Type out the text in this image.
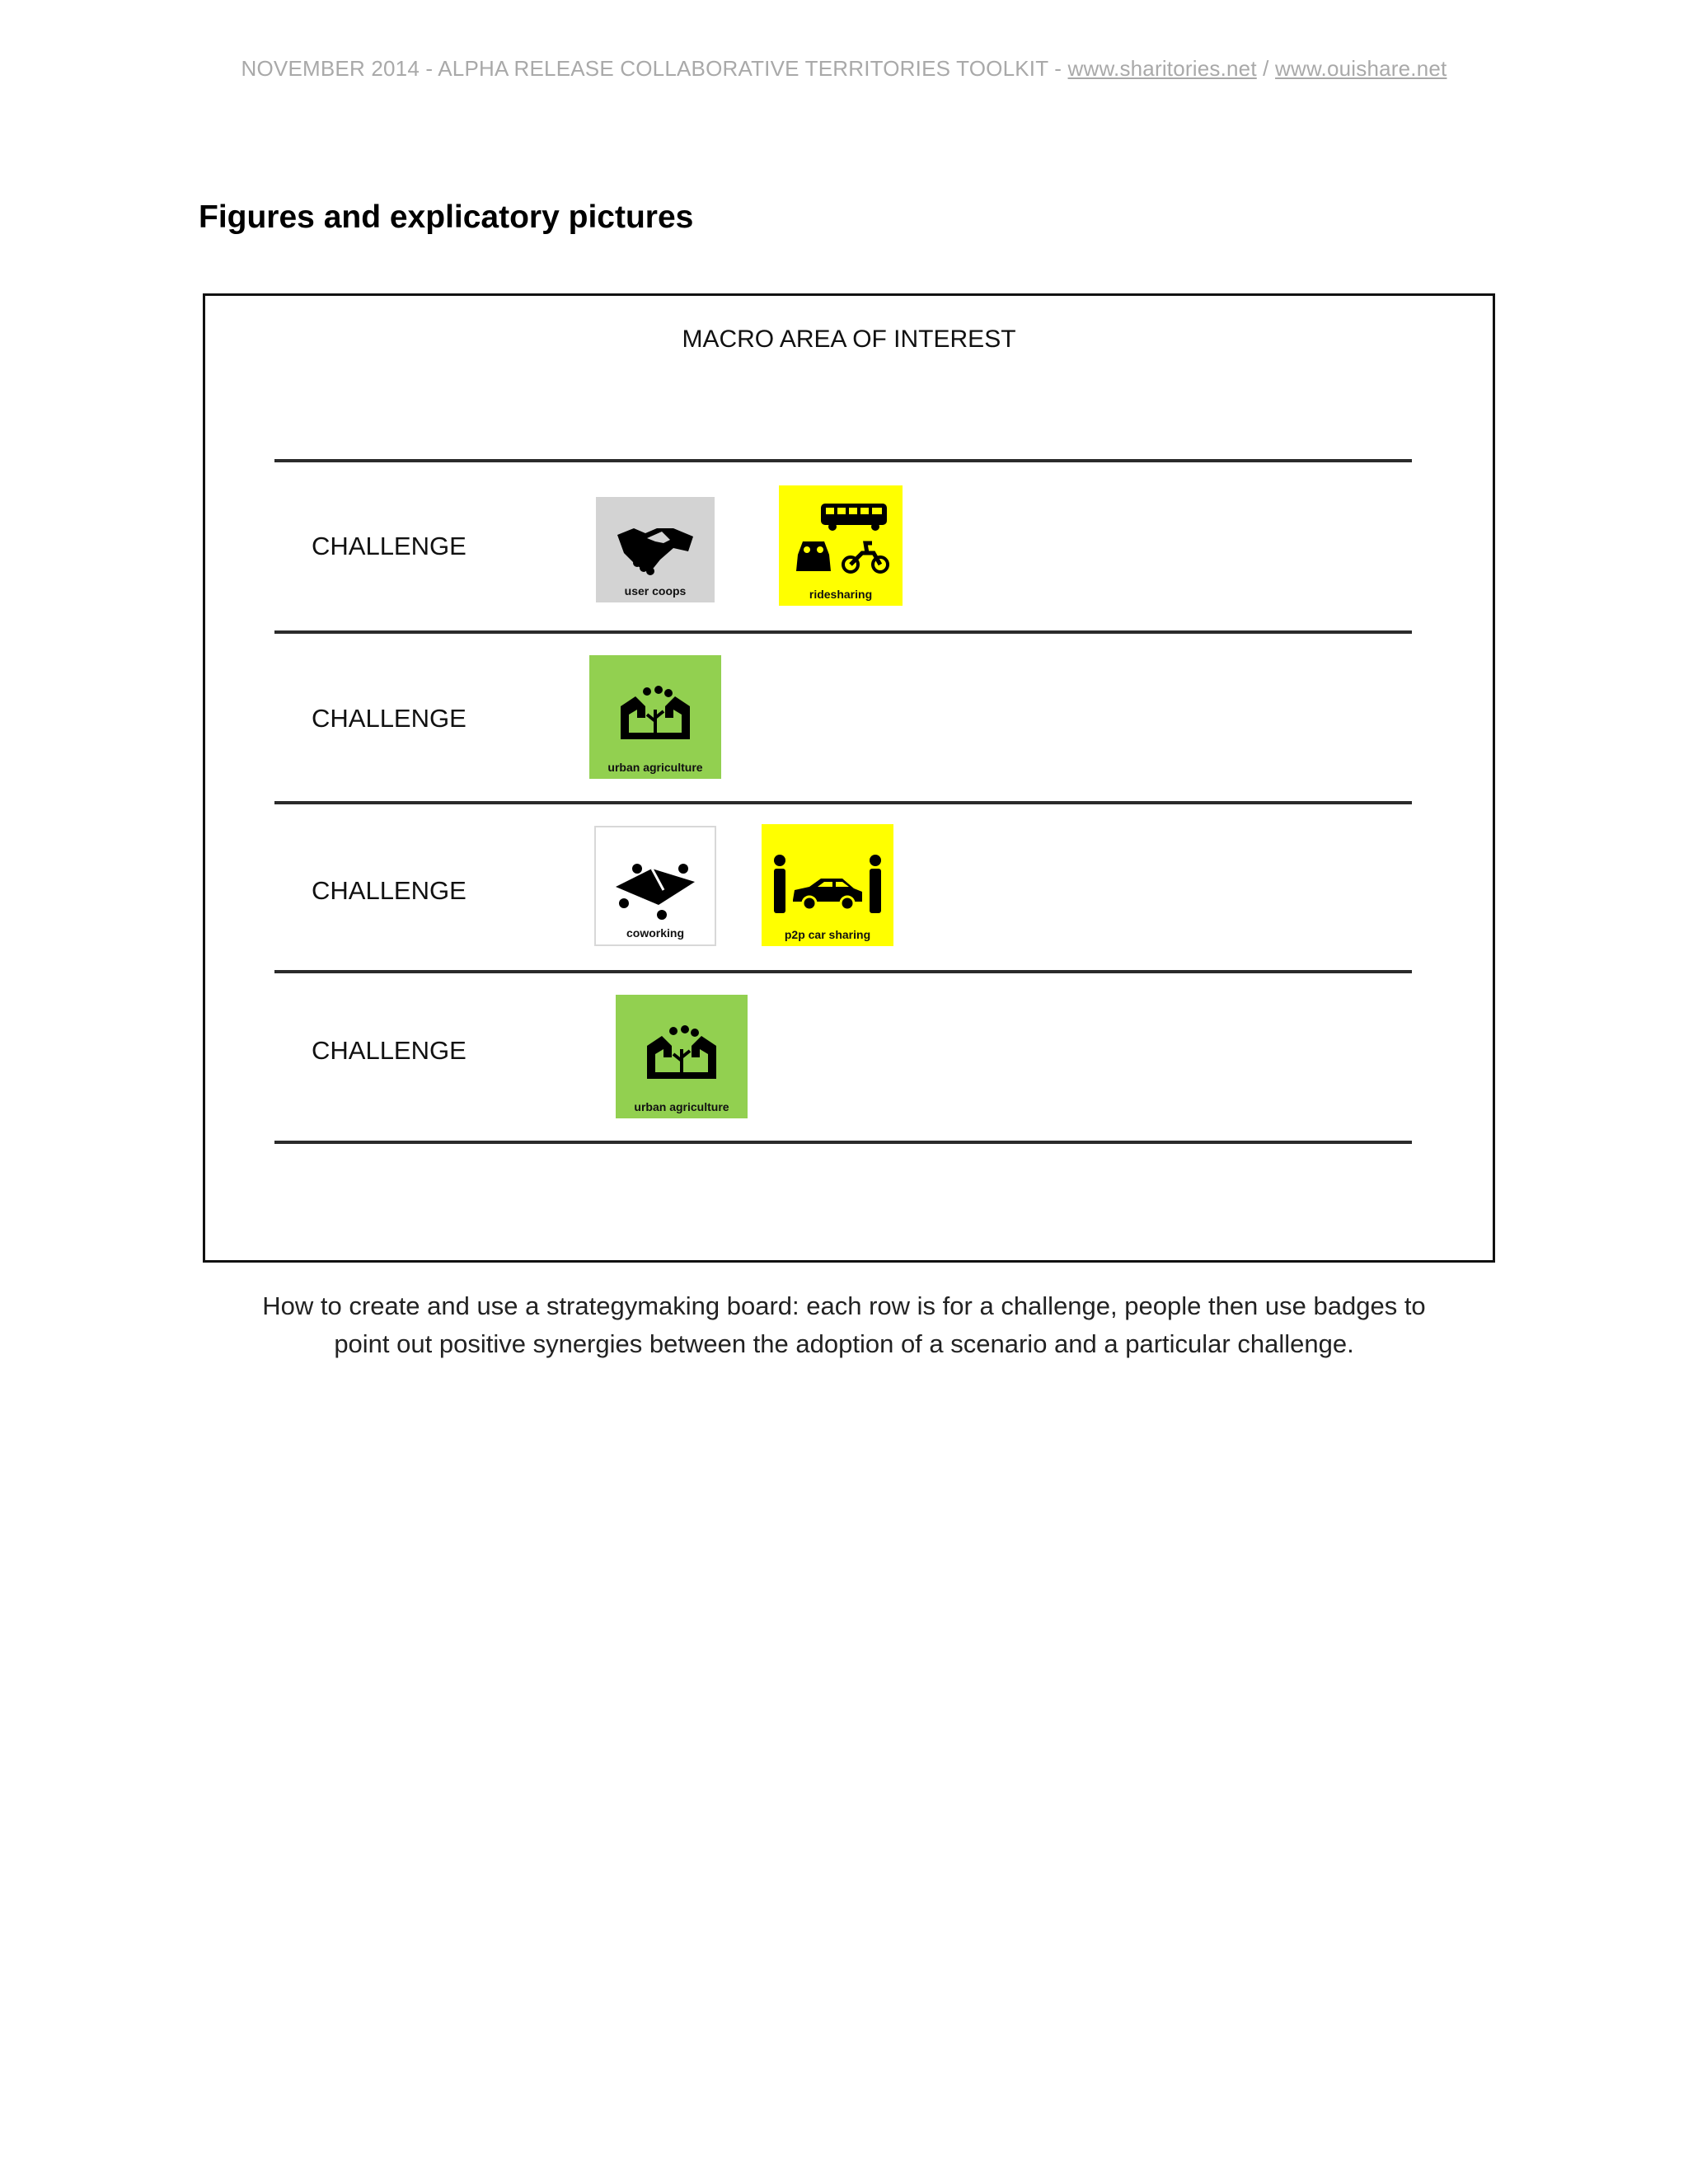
NOVEMBER 2014 - ALPHA RELEASE COLLABORATIVE TERRITORIES TOOLKIT - www.sharitories.net / www.ouishare.net
Figures and explicatory pictures
MACRO AREA OF INTEREST
CHALLENGE
user coops	ridesharing
CHALLENGE
urban agriculture
CHALLENGE
coworking	p2p car sharing
CHALLENGE
urban agriculture
How to create and use a strategymaking board: each row is for a challenge, people then use badges to
point out positive synergies between the adoption of a scenario and a particular challenge.
